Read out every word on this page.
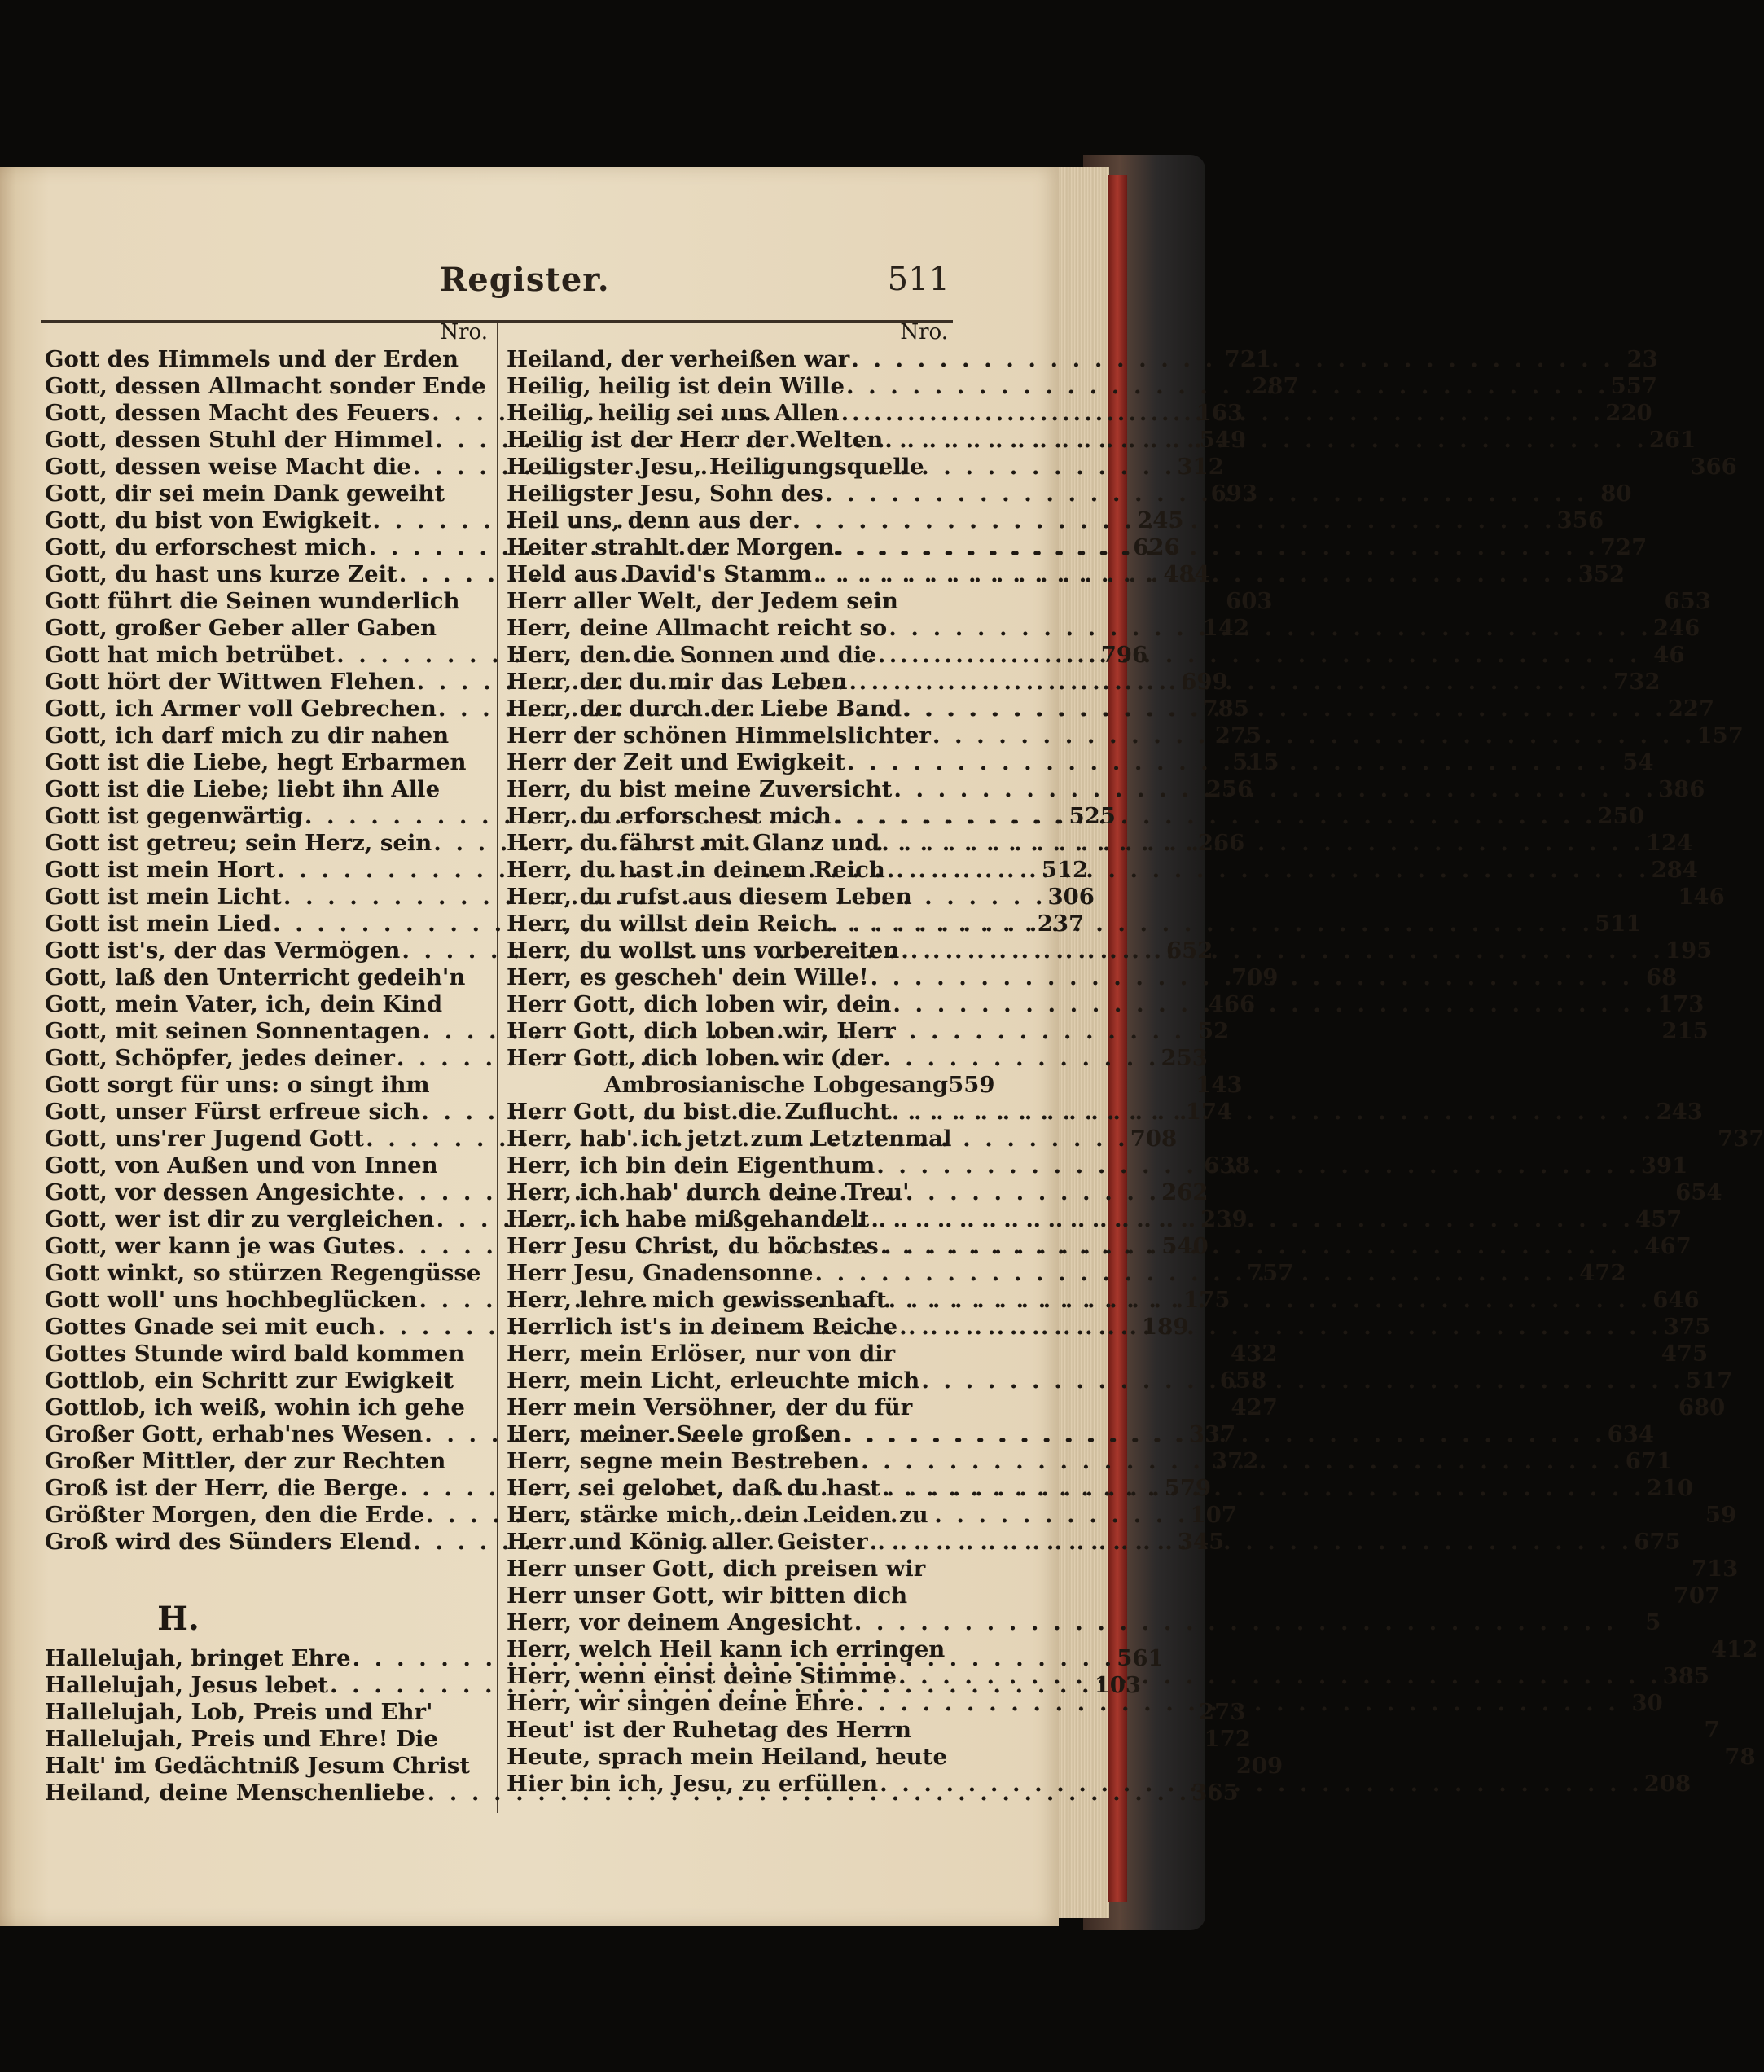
Register.	511
Nro.
Gott des Himmels und der Erden	721
Gott, dessen Allmacht sonder Ende	287
Gott, dessen Macht des Feuers . . .	163
Gott, dessen Stuhl der Himmel . . .	549
Gott, dessen weise Macht die . . .	312
Gott, dir sei mein Dank geweiht	693
Gott, du bist von Ewigkeit . . .	245
Gott, du erforschest mich . . .	626
Gott, du hast uns kurze Zeit . . .	484
Gott führt die Seinen wunderlich	603
Gott, großer Geber aller Gaben	142
Gott hat mich betrübet . . .	796
Gott hört der Wittwen Flehen . . .	699
Gott, ich Armer voll Gebrechen . . .	785
Gott, ich darf mich zu dir nahen	275
Gott ist die Liebe, hegt Erbarmen	515
Gott ist die Liebe; liebt ihn Alle	256
Gott ist gegenwärtig . . .	525
Gott ist getreu; sein Herz, sein . . .	266
Gott ist mein Hort . . .	512
Gott ist mein Licht . . .	306
Gott ist mein Lied . . .	237
Gott ist's, der das Vermögen . . .	652
Gott, laß den Unterricht gedeih'n	709
Gott, mein Vater, ich, dein Kind	466
Gott, mit seinen Sonnentagen . . .	52
Gott, Schöpfer, jedes deiner . . .	253
Gott sorgt für uns: o singt ihm	143
Gott, unser Fürst erfreue sich . . .	174
Gott, uns'rer Jugend Gott . . .	708
Gott, von Außen und von Innen	638
Gott, vor dessen Angesichte . . .	262
Gott, wer ist dir zu vergleichen . . .	239
Gott, wer kann je was Gutes . . .	540
Gott winkt, so stürzen Regengüsse	757
Gott woll' uns hochbeglücken . . .	175
Gottes Gnade sei mit euch . . .	189
Gottes Stunde wird bald kommen	432
Gottlob, ein Schritt zur Ewigkeit	658
Gottlob, ich weiß, wohin ich gehe	427
Großer Gott, erhab'nes Wesen . . .	337
Großer Mittler, der zur Rechten	372
Groß ist der Herr, die Berge . . .	579
Größter Morgen, den die Erde . . .	107
Groß wird des Sünders Elend . . .	345
H.
Hallelujah, bringet Ehre . . .	561
Hallelujah, Jesus lebet . . .	103
Hallelujah, Lob, Preis und Ehr'	273
Hallelujah, Preis und Ehre! Die	172
Halt' im Gedächtniß Jesum Christ	209
Heiland, deine Menschenliebe . . .	365
Nro.
Heiland, der verheißen war . . .	23
Heilig, heilig ist dein Wille . . .	557
Heilig, heilig sei uns Allen . . .	220
Heilig ist der Herr der Welten . . .	261
Heiligster Jesu, Heiligungsquelle	366
Heiligster Jesu, Sohn des . . .	80
Heil uns, denn aus der . . .	356
Heiter strahlt der Morgen . . .	727
Held aus David's Stamm . . .	352
Herr aller Welt, der Jedem sein	653
Herr, deine Allmacht reicht so . . .	246
Herr, den die Sonnen und die . . .	46
Herr, der du mir das Leben . . .	732
Herr, der durch der Liebe Band . . .	227
Herr der schönen Himmelslichter . . .	157
Herr der Zeit und Ewigkeit . . .	54
Herr, du bist meine Zuversicht . . .	386
Herr, du erforschest mich . . .	250
Herr, du fährst mit Glanz und . . .	124
Herr, du hast in deinem Reich . . .	284
Herr, du rufst aus diesem Leben	146
Herr, du willst dein Reich . . .	511
Herr, du wollst uns vorbereiten . . .	195
Herr, es gescheh' dein Wille! . . .	68
Herr Gott, dich loben wir, dein . . .	173
Herr Gott, dich loben wir, Herr	215
Herr Gott, dich loben wir (der
Ambrosianische Lobgesang 559
Herr Gott, du bist die Zuflucht . . .	243
Herr, hab' ich jetzt zum Letztenmal	737
Herr, ich bin dein Eigenthum . . .	391
Herr, ich hab' durch deine Treu'	654
Herr, ich habe mißgehandelt . . .	457
Herr Jesu Christ, du höchstes . . .	467
Herr Jesu, Gnadensonne . . .	472
Herr, lehre mich gewissenhaft . . .	646
Herrlich ist's in deinem Reiche . . .	375
Herr, mein Erlöser, nur von dir	475
Herr, mein Licht, erleuchte mich . . .	517
Herr mein Versöhner, der du für	680
Herr, meiner Seele großen . . .	634
Herr, segne mein Bestreben . . .	671
Herr, sei gelobet, daß du hast . . .	210
Herr, stärke mich, dein Leiden zu	59
Herr und König aller Geister . . .	675
Herr unser Gott, dich preisen wir	713
Herr unser Gott, wir bitten dich	707
Herr, vor deinem Angesicht . . .	5
Herr, welch Heil kann ich erringen	412
Herr, wenn einst deine Stimme . . .	385
Herr, wir singen deine Ehre . . .	30
Heut' ist der Ruhetag des Herrn	7
Heute, sprach mein Heiland, heute	78
Hier bin ich, Jesu, zu erfüllen . . .	208
